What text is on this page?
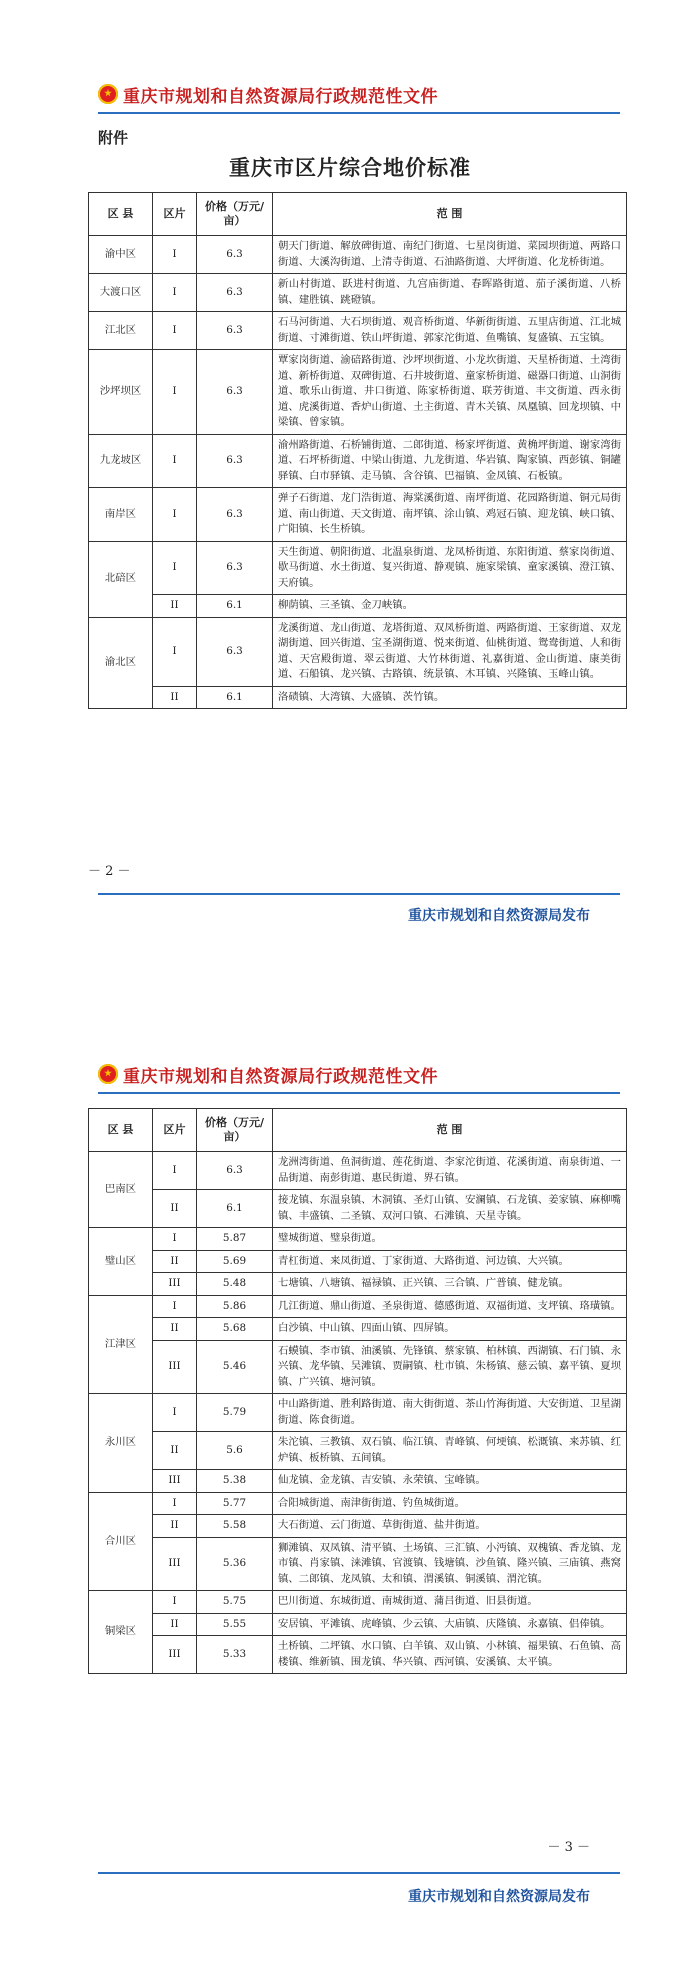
重庆市规划和自然资源局行政规范性文件
附件
重庆市区片综合地价标准
区 县	区片	价格（万元/亩）	范 围
渝中区	I	6.3	朝天门街道、解放碑街道、南纪门街道、七星岗街道、菜园坝街道、两路口街道、大溪沟街道、上清寺街道、石油路街道、大坪街道、化龙桥街道。
大渡口区	I	6.3	新山村街道、跃进村街道、九宫庙街道、春晖路街道、茄子溪街道、八桥镇、建胜镇、跳磴镇。
江北区	I	6.3	石马河街道、大石坝街道、观音桥街道、华新街街道、五里店街道、江北城街道、寸滩街道、铁山坪街道、郭家沱街道、鱼嘴镇、复盛镇、五宝镇。
沙坪坝区	I	6.3	覃家岗街道、渝碚路街道、沙坪坝街道、小龙坎街道、天星桥街道、土湾街道、新桥街道、双碑街道、石井坡街道、童家桥街道、磁器口街道、山洞街道、歌乐山街道、井口街道、陈家桥街道、联芳街道、丰文街道、西永街道、虎溪街道、香炉山街道、土主街道、青木关镇、凤凰镇、回龙坝镇、中梁镇、曾家镇。
九龙坡区	I	6.3	渝州路街道、石桥铺街道、二郎街道、杨家坪街道、黄桷坪街道、谢家湾街道、石坪桥街道、中梁山街道、九龙街道、华岩镇、陶家镇、西彭镇、铜罐驿镇、白市驿镇、走马镇、含谷镇、巴福镇、金凤镇、石板镇。
南岸区	I	6.3	弹子石街道、龙门浩街道、海棠溪街道、南坪街道、花园路街道、铜元局街道、南山街道、天文街道、南坪镇、涂山镇、鸡冠石镇、迎龙镇、峡口镇、广阳镇、长生桥镇。
北碚区	I	6.3	天生街道、朝阳街道、北温泉街道、龙凤桥街道、东阳街道、蔡家岗街道、歇马街道、水土街道、复兴街道、静观镇、施家梁镇、童家溪镇、澄江镇、天府镇。
	II	6.1	柳荫镇、三圣镇、金刀峡镇。
渝北区	I	6.3	龙溪街道、龙山街道、龙塔街道、双凤桥街道、两路街道、王家街道、双龙湖街道、回兴街道、宝圣湖街道、悦来街道、仙桃街道、鸳鸯街道、人和街道、天宫殿街道、翠云街道、大竹林街道、礼嘉街道、金山街道、康美街道、石船镇、龙兴镇、古路镇、统景镇、木耳镇、兴隆镇、玉峰山镇。
	II	6.1	洛碛镇、大湾镇、大盛镇、茨竹镇。
－ 2 －
重庆市规划和自然资源局发布
重庆市规划和自然资源局行政规范性文件
区 县	区片	价格（万元/亩）	范 围
巴南区	I	6.3	龙洲湾街道、鱼洞街道、莲花街道、李家沱街道、花溪街道、南泉街道、一品街道、南彭街道、惠民街道、界石镇。
	II	6.1	接龙镇、东温泉镇、木洞镇、圣灯山镇、安澜镇、石龙镇、姜家镇、麻柳嘴镇、丰盛镇、二圣镇、双河口镇、石滩镇、天星寺镇。
璧山区	I	5.87	璧城街道、璧泉街道。
	II	5.69	青杠街道、来凤街道、丁家街道、大路街道、河边镇、大兴镇。
	III	5.48	七塘镇、八塘镇、福禄镇、正兴镇、三合镇、广普镇、健龙镇。
江津区	I	5.86	几江街道、鼎山街道、圣泉街道、德感街道、双福街道、支坪镇、珞璜镇。
	II	5.68	白沙镇、中山镇、四面山镇、四屏镇。
	III	5.46	石蟆镇、李市镇、油溪镇、先锋镇、蔡家镇、柏林镇、西湖镇、石门镇、永兴镇、龙华镇、吴滩镇、贾嗣镇、杜市镇、朱杨镇、慈云镇、嘉平镇、夏坝镇、广兴镇、塘河镇。
永川区	I	5.79	中山路街道、胜利路街道、南大街街道、茶山竹海街道、大安街道、卫星湖街道、陈食街道。
	II	5.6	朱沱镇、三教镇、双石镇、临江镇、青峰镇、何埂镇、松溉镇、来苏镇、红炉镇、板桥镇、五间镇。
	III	5.38	仙龙镇、金龙镇、吉安镇、永荣镇、宝峰镇。
合川区	I	5.77	合阳城街道、南津街街道、钓鱼城街道。
	II	5.58	大石街道、云门街道、草街街道、盐井街道。
	III	5.36	狮滩镇、双凤镇、清平镇、土场镇、三汇镇、小沔镇、双槐镇、香龙镇、龙市镇、肖家镇、涞滩镇、官渡镇、钱塘镇、沙鱼镇、隆兴镇、三庙镇、燕窝镇、二郎镇、龙凤镇、太和镇、渭溪镇、铜溪镇、渭沱镇。
铜梁区	I	5.75	巴川街道、东城街道、南城街道、蒲吕街道、旧县街道。
	II	5.55	安居镇、平滩镇、虎峰镇、少云镇、大庙镇、庆隆镇、永嘉镇、侣俸镇。
	III	5.33	土桥镇、二坪镇、水口镇、白羊镇、双山镇、小林镇、福果镇、石鱼镇、高楼镇、维新镇、围龙镇、华兴镇、西河镇、安溪镇、太平镇。
－ 3 －
重庆市规划和自然资源局发布
